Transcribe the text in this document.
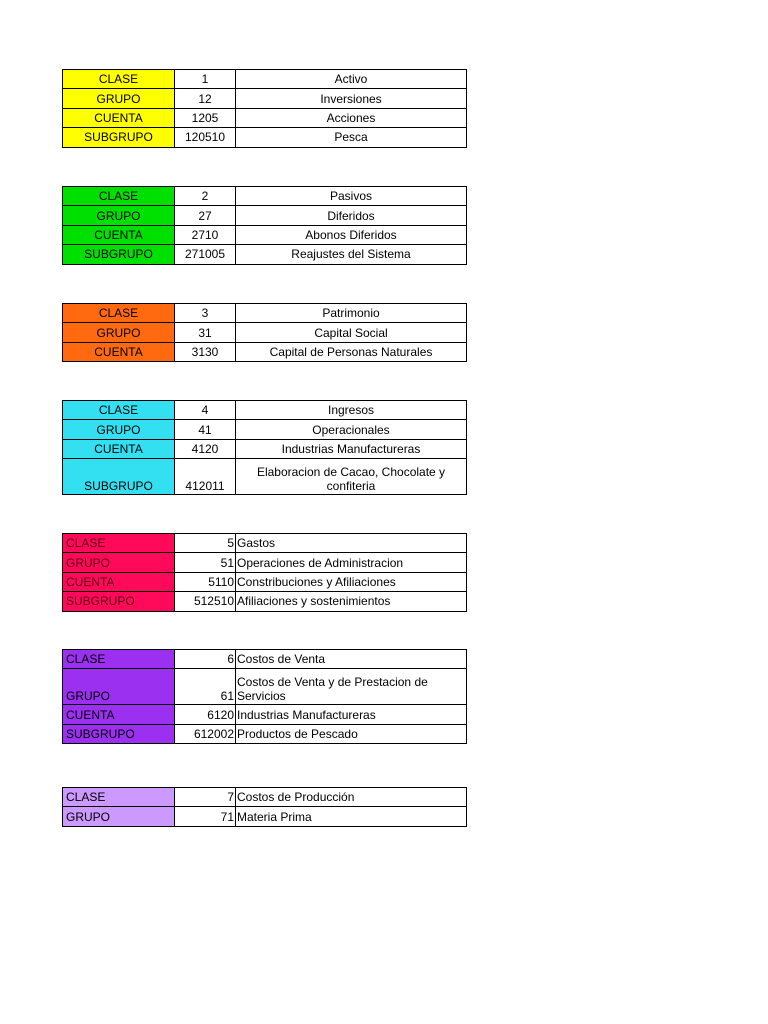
CLASE	1	Activo
GRUPO	12	Inversiones
CUENTA	1205	Acciones
SUBGRUPO	120510	Pesca
CLASE	2	Pasivos
GRUPO	27	Diferidos
CUENTA	2710	Abonos Diferidos
SUBGRUPO	271005	Reajustes del Sistema
CLASE	3	Patrimonio
GRUPO	31	Capital Social
CUENTA	3130	Capital de Personas Naturales
CLASE	4	Ingresos
GRUPO	41	Operacionales
CUENTA	4120	Industrias Manufactureras
SUBGRUPO	412011	Elaboracion de Cacao, Chocolate y confiteria
CLASE	5	Gastos
GRUPO	51	Operaciones de Administracion
CUENTA	5110	Constribuciones y Afiliaciones
SUBGRUPO	512510	Afiliaciones y sostenimientos
CLASE	6	Costos de Venta
GRUPO	61	Costos de Venta y de Prestacion de Servicios
CUENTA	6120	Industrias Manufactureras
SUBGRUPO	612002	Productos de Pescado
CLASE	7	Costos de Producción
GRUPO	71	Materia Prima
